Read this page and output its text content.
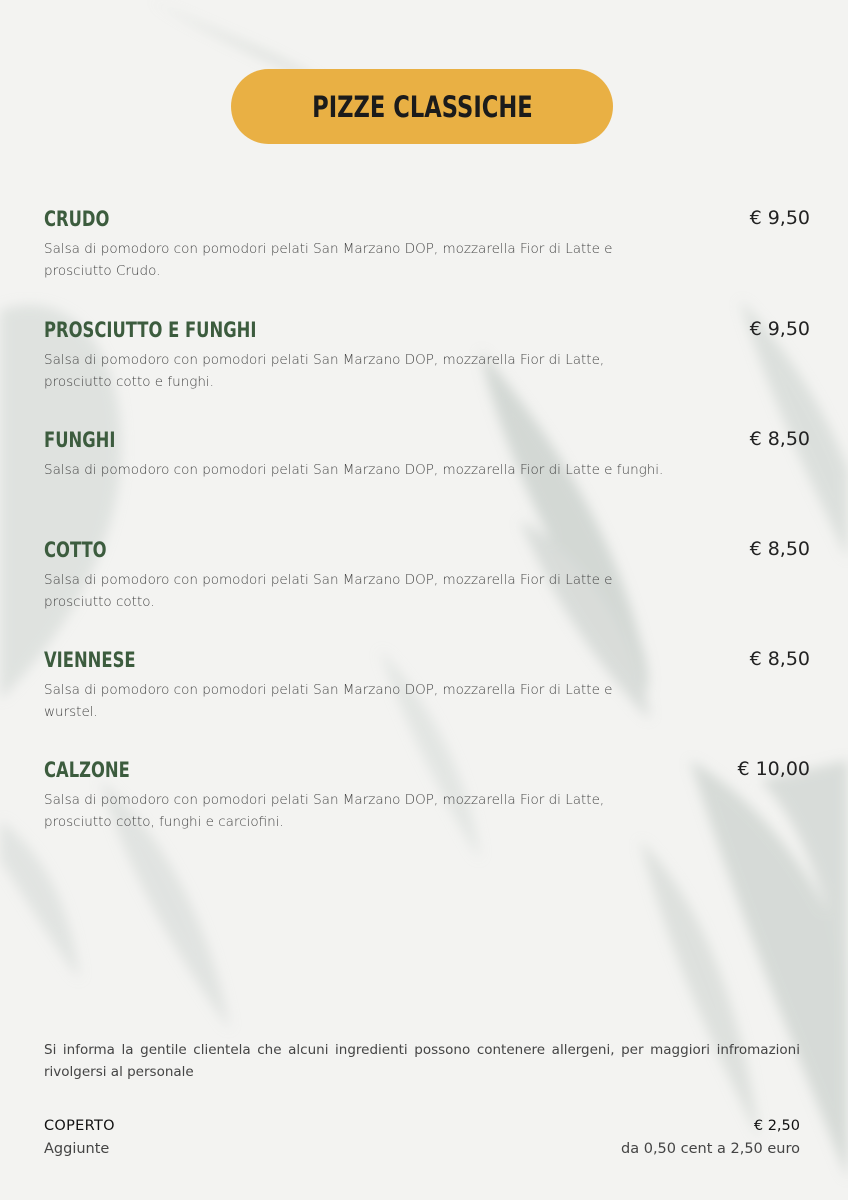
PIZZE CLASSICHE
CRUDO	€ 9,50
Salsa di pomodoro con pomodori pelati San Marzano DOP, mozzarella Fior di Latte e prosciutto Crudo.
PROSCIUTTO E FUNGHI	€ 9,50
Salsa di pomodoro con pomodori pelati San Marzano DOP, mozzarella Fior di Latte, prosciutto cotto e funghi.
FUNGHI	€ 8,50
Salsa di pomodoro con pomodori pelati San Marzano DOP, mozzarella Fior di Latte e funghi.
COTTO	€ 8,50
Salsa di pomodoro con pomodori pelati San Marzano DOP, mozzarella Fior di Latte e prosciutto cotto.
VIENNESE	€ 8,50
Salsa di pomodoro con pomodori pelati San Marzano DOP, mozzarella Fior di Latte e wurstel.
CALZONE	€ 10,00
Salsa di pomodoro con pomodori pelati San Marzano DOP, mozzarella Fior di Latte, prosciutto cotto, funghi e carciofini.
Si informa la gentile clientela che alcuni ingredienti possono contenere allergeni, per maggiori infromazioni rivolgersi al personale
COPERTO	€ 2,50
Aggiunte	da 0,50 cent a 2,50 euro
